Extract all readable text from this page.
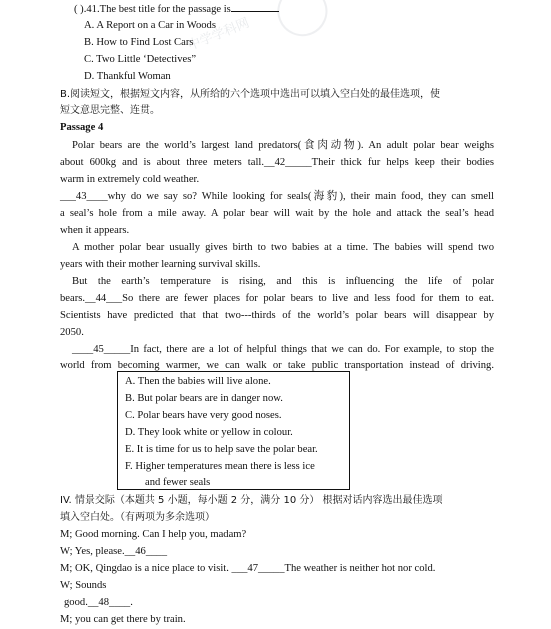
中学学科网
( ).41.The best title for the passage is
A. A Report on a Car in Woods
B. How to Find Lost Cars
C. Two Little ‘Detectives”
D. Thankful Woman
B.阅读短文，根据短文内容，从所给的六个选项中选出可以填入空白处的最佳选项，使
短文意思完整、连贯。
Passage 4
Polar bears are the world’s largest land predators(食肉动物). An adult polar bear weighs
about 600kg and is about three meters tall.__42_____Their thick fur helps keep their bodies
warm in extremely cold weather.
___43____why do we say so? While looking for seals(海豹), their main food, they can smell
a seal’s hole from a mile away. A polar bear will wait by the hole and attack the seal’s head
when it appears.
A mother polar bear usually gives birth to two babies at a time. The babies will spend two
years with their mother learning survival skills.
But the earth’s temperature is rising, and this is influencing the life of polar
bears.__44___So there are fewer places for polar bears to live and less food for them to eat.
Scientists have predicted that that two---thirds of the world’s polar bears will disappear by
2050.
____45_____In fact, there are a lot of helpful things that we can do. For example, to stop the
world from becoming warmer, we can walk or take public transportation instead of driving.
A. Then the babies will live alone.
B. But polar bears are in danger now.
C. Polar bears have very good noses.
D. They look white or yellow in colour.
E. It is time for us to help save the polar bear.
F. Higher temperatures mean there is less ice
and fewer seals
IV. 情景交际（本题共 5 小题，每小题 2 分，满分 10 分） 根据对话内容选出最佳选项
填入空白处。（有两项为多余选项）
M; Good morning. Can I help you, madam?
W; Yes, please.__46____
M; OK, Qingdao is a nice place to visit. ___47_____The weather is neither hot nor cold.
W; Sounds
good.__48____.
M; you can get there by train.
